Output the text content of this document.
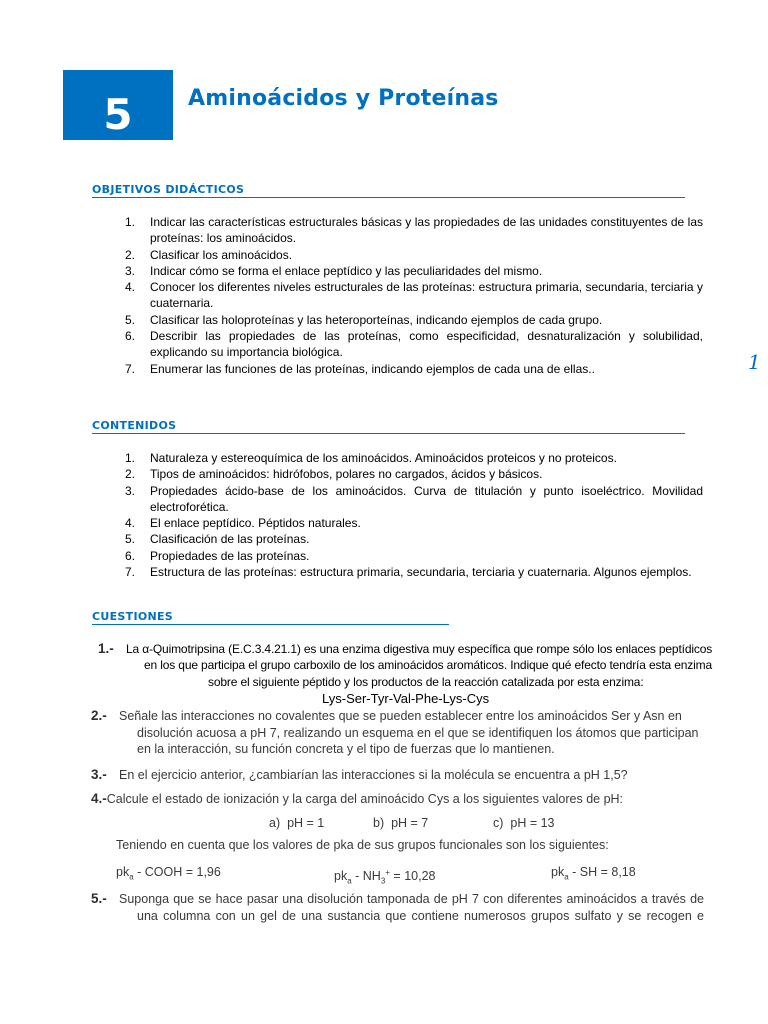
5	Aminoácidos y Proteínas
1
OBJETIVOS DIDÁCTICOS
1. Indicar las características estructurales básicas y las propiedades de las unidades constituyentes de las proteínas: los aminoácidos.
2. Clasificar los aminoácidos.
3. Indicar cómo se forma el enlace peptídico y las peculiaridades del mismo.
4. Conocer los diferentes niveles estructurales de las proteínas: estructura primaria, secundaria, terciaria y cuaternaria.
5. Clasificar las holoproteínas y las heteroporteínas, indicando ejemplos de cada grupo.
6. Describir las propiedades de las proteínas, como especificidad, desnaturalización y solubilidad, explicando su importancia biológica.
7. Enumerar las funciones de las proteínas, indicando ejemplos de cada una de ellas..
CONTENIDOS
1. Naturaleza y estereoquímica de los aminoácidos. Aminoácidos proteicos y no proteicos.
2. Tipos de aminoácidos: hidrófobos, polares no cargados, ácidos y básicos.
3. Propiedades ácido-base de los aminoácidos. Curva de titulación y punto isoeléctrico. Movilidad electroforética.
4. El enlace peptídico. Péptidos naturales.
5. Clasificación de las proteínas.
6. Propiedades de las proteínas.
7. Estructura de las proteínas: estructura primaria, secundaria, terciaria y cuaternaria. Algunos ejemplos.
CUESTIONES
1.- La α-Quimotripsina (E.C.3.4.21.1) es una enzima digestiva muy específica que rompe sólo los enlaces peptídicos
en los que participa el grupo carboxilo de los aminoácidos aromáticos. Indique qué efecto tendría esta enzima
sobre el siguiente péptido y los productos de la reacción catalizada por esta enzima:
Lys-Ser-Tyr-Val-Phe-Lys-Cys
2.- Señale las interacciones no covalentes que se pueden establecer entre los aminoácidos Ser y Asn en
disolución acuosa a pH 7, realizando un esquema en el que se identifiquen los átomos que participan
en la interacción, su función concreta y el tipo de fuerzas que lo mantienen.
3.- En el ejercicio anterior, ¿cambiarían las interacciones si la molécula se encuentra a pH 1,5?
4.-Calcule el estado de ionización y la carga del aminoácido Cys a los siguientes valores de pH:
a) pH = 1	b) pH = 7	c) pH = 13
Teniendo en cuenta que los valores de pka de sus grupos funcionales son los siguientes:
$pk_a$ - COOH = 1,96	$pk_a - NH_3^+ = 10,28$	$pk_a$ - SH = 8,18
5.- Suponga que se hace pasar una disolución tamponada de pH 7 con diferentes aminoácidos a través de
una columna con un gel de una sustancia que contiene numerosos grupos sulfato y se recogen e
